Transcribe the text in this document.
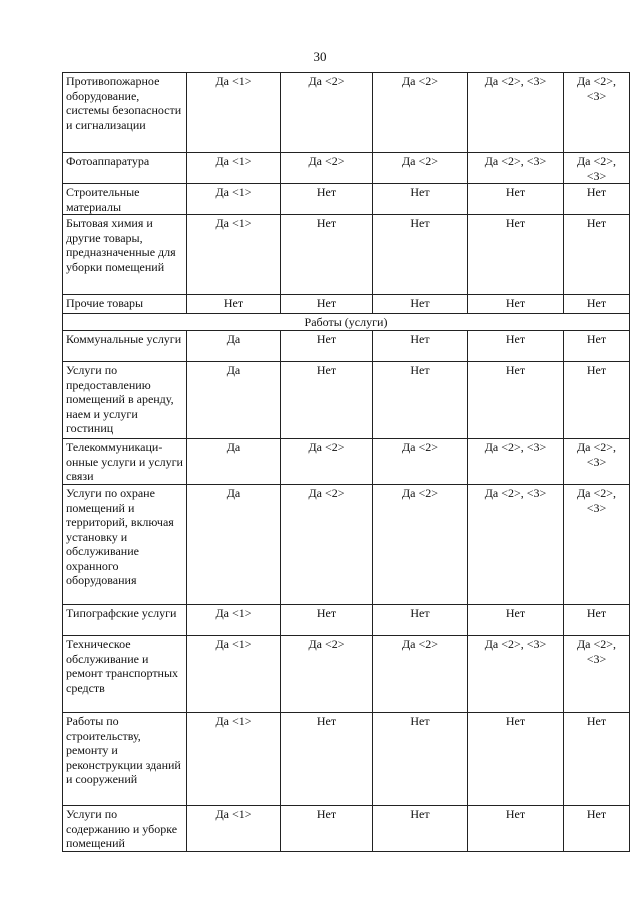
30
Противопожарное оборудование, системы безопасности и сигнализации	Да <1>	Да <2>	Да <2>	Да <2>, <3>	Да <2>, <3>
Фотоаппаратура	Да <1>	Да <2>	Да <2>	Да <2>, <3>	Да <2>, <3>
Строительные материалы	Да <1>	Нет	Нет	Нет	Нет
Бытовая химия и другие товары, предназначенные для уборки помещений	Да <1>	Нет	Нет	Нет	Нет
Прочие товары	Нет	Нет	Нет	Нет	Нет
Работы (услуги)					
Коммунальные услуги	Да	Нет	Нет	Нет	Нет
Услуги по предоставлению помещений в аренду, наем и услуги гостиниц	Да	Нет	Нет	Нет	Нет
Телекоммуникаци-онные услуги и услуги связи	Да	Да <2>	Да <2>	Да <2>, <3>	Да <2>, <3>
Услуги по охране помещений и территорий, включая установку и обслуживание охранного оборудования	Да	Да <2>	Да <2>	Да <2>, <3>	Да <2>, <3>
Типографские услуги	Да <1>	Нет	Нет	Нет	Нет
Техническое обслуживание и ремонт транспортных средств	Да <1>	Да <2>	Да <2>	Да <2>, <3>	Да <2>, <3>
Работы по строительству, ремонту и реконструкции зданий и сооружений	Да <1>	Нет	Нет	Нет	Нет
Услуги по содержанию и уборке помещений	Да <1>	Нет	Нет	Нет	Нет
